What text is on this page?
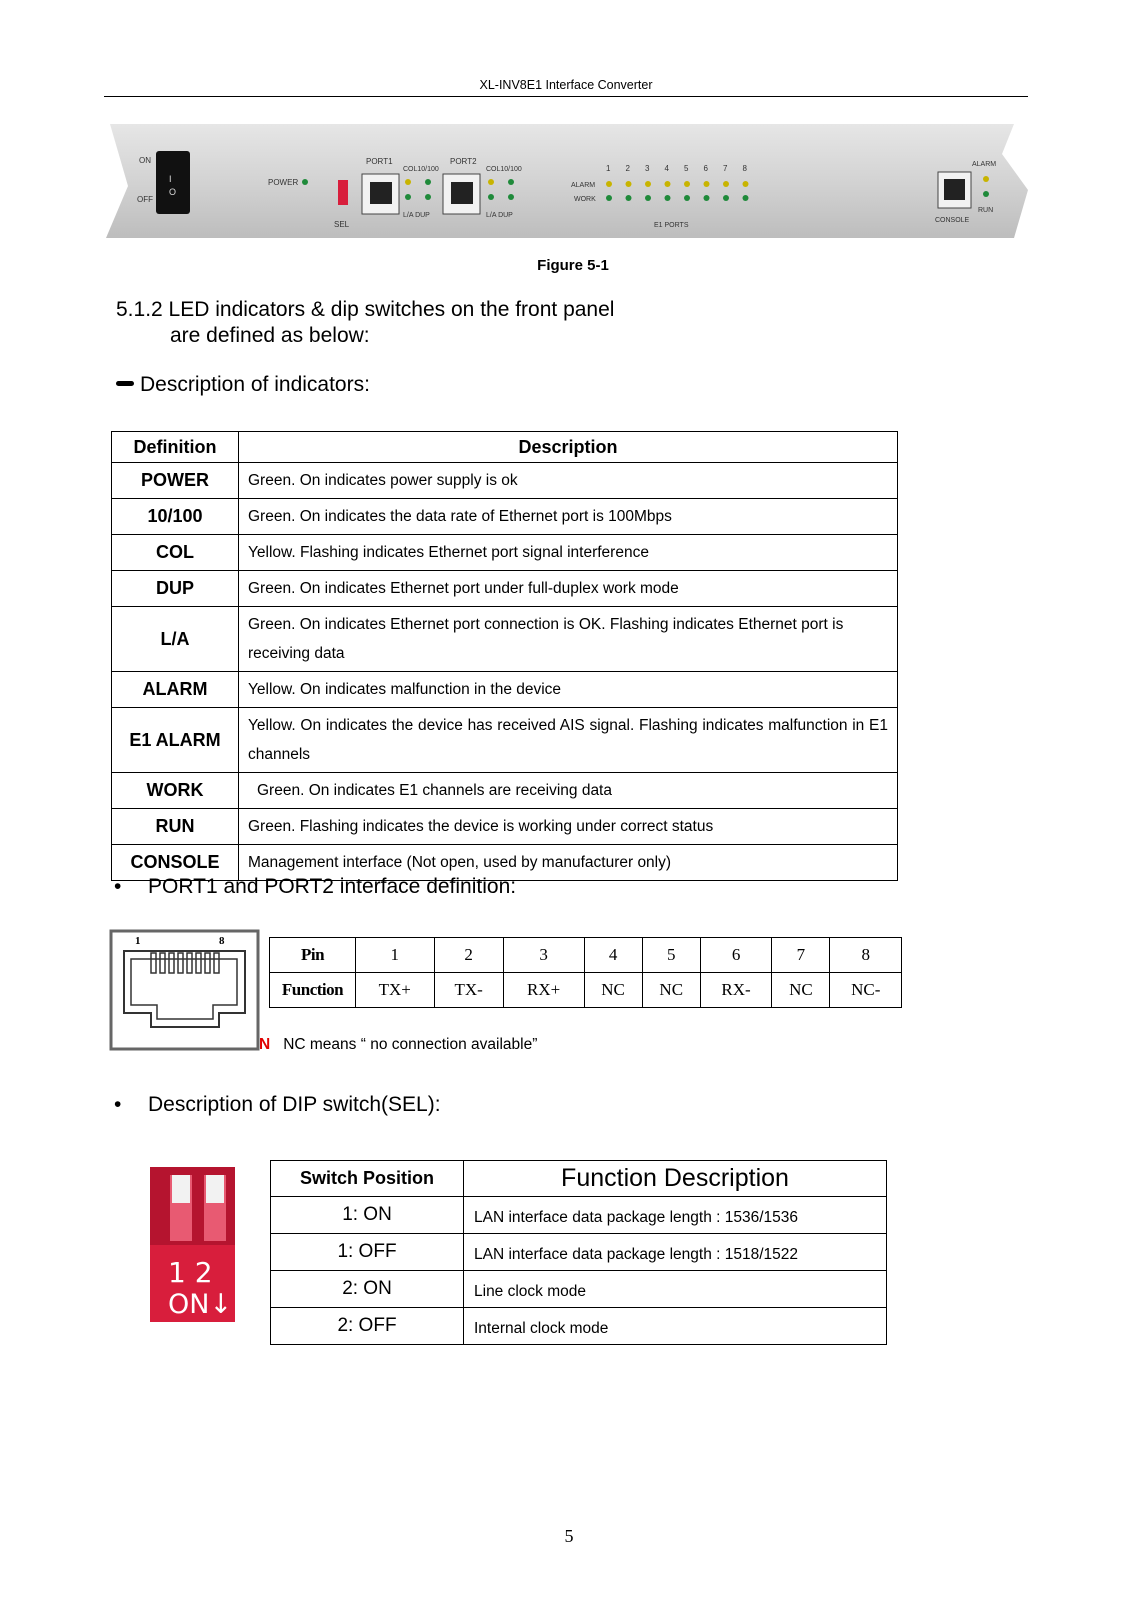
XL-INV8E1 Interface Converter
ON
OFF
I
O
POWER
SEL
PORT1
COL10/100
L/A DUP
PORT2
COL10/100
L/A DUP
ALARM
WORK
1 2 3 4 5 6 7 8
E1 PORTS
CONSOLE
ALARM
RUN
Figure 5-1
5.1.2 LED indicators & dip switches on the front panel
are defined as below:
Description of indicators:
Definition	Description
POWER	Green. On indicates power supply is ok
10/100	Green. On indicates the data rate of Ethernet port is 100Mbps
COL	Yellow. Flashing indicates Ethernet port signal interference
DUP	Green. On indicates Ethernet port under full-duplex work mode
L/A	Green. On indicates Ethernet port connection is OK. Flashing indicates Ethernet port is receiving data
ALARM	Yellow. On indicates malfunction in the device
E1 ALARM	Yellow. On indicates the device has received AIS signal. Flashing indicates malfunction in E1 channels
WORK	Green. On indicates E1 channels are receiving data
RUN	Green. Flashing indicates the device is working under correct status
CONSOLE	Management interface (Not open, used by manufacturer only)
• PORT1 and PORT2 interface definition:
1	8
Pin	1	2	3	4	5	6	7	8
Function	TX+	TX-	RX+	NC	NC	RX-	NC	NC-
N NC means “ no connection available”
• Description of DIP switch(SEL):
1 2
ON↓
Switch Position	Function Description
1: ON	LAN interface data package length : 1536/1536
1: OFF	LAN interface data package length : 1518/1522
2: ON	Line clock mode
2: OFF	Internal clock mode
5
